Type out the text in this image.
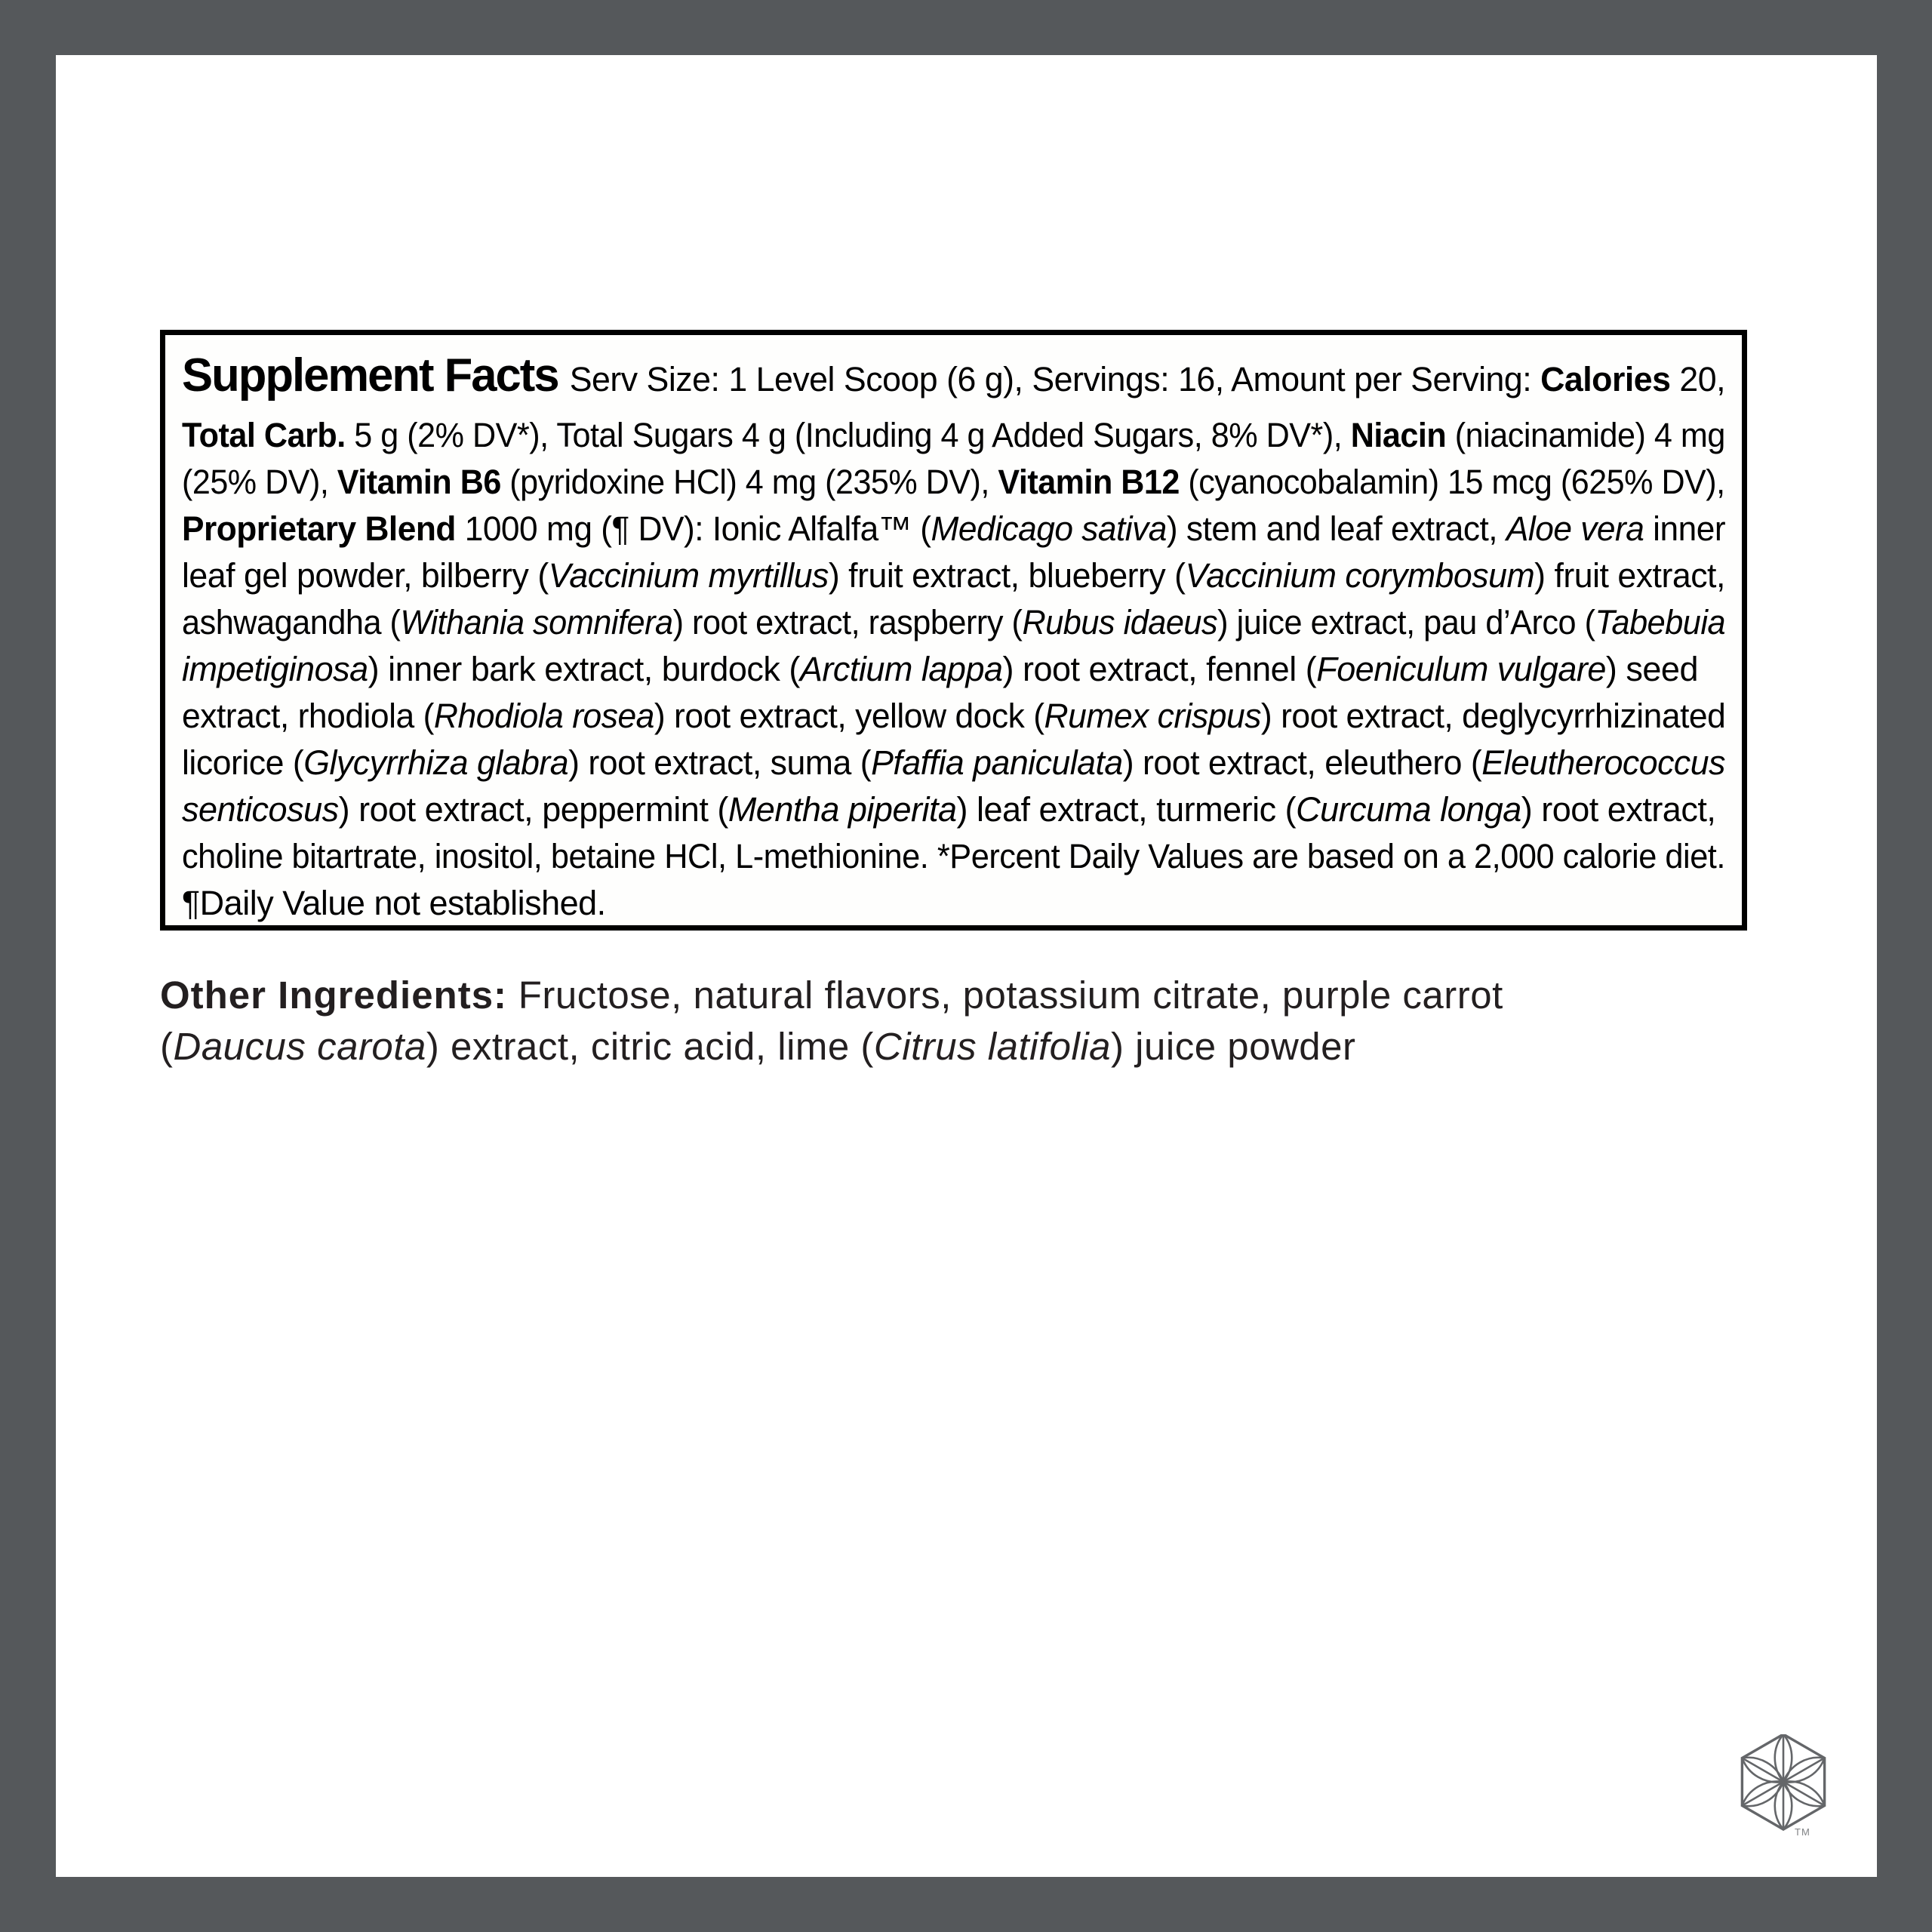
Supplement Facts Serv Size: 1 Level Scoop (6 g), Servings: 16, Amount per Serving: Calories 20,
Total Carb. 5 g (2% DV*), Total Sugars 4 g (Including 4 g Added Sugars, 8% DV*), Niacin (niacinamide) 4 mg
(25% DV), Vitamin B6 (pyridoxine HCl) 4 mg (235% DV), Vitamin B12 (cyanocobalamin) 15 mcg (625% DV),
Proprietary Blend 1000 mg (¶ DV): Ionic Alfalfa™ (Medicago sativa) stem and leaf extract, Aloe vera inner
leaf gel powder, bilberry (Vaccinium myrtillus) fruit extract, blueberry (Vaccinium corymbosum) fruit extract,
ashwagandha (Withania somnifera) root extract, raspberry (Rubus idaeus) juice extract, pau d’Arco (Tabebuia
impetiginosa) inner bark extract, burdock (Arctium lappa) root extract, fennel (Foeniculum vulgare) seed
extract, rhodiola (Rhodiola rosea) root extract, yellow dock (Rumex crispus) root extract, deglycyrrhizinated
licorice (Glycyrrhiza glabra) root extract, suma (Pfaffia paniculata) root extract, eleuthero (Eleutherococcus
senticosus) root extract, peppermint (Mentha piperita) leaf extract, turmeric (Curcuma longa) root extract,
choline bitartrate, inositol, betaine HCl, L-methionine. *Percent Daily Values are based on a 2,000 calorie diet.
¶Daily Value not established.
Other Ingredients: Fructose, natural flavors, potassium citrate, purple carrot
(Daucus carota) extract, citric acid, lime (Citrus latifolia) juice powder
TM
